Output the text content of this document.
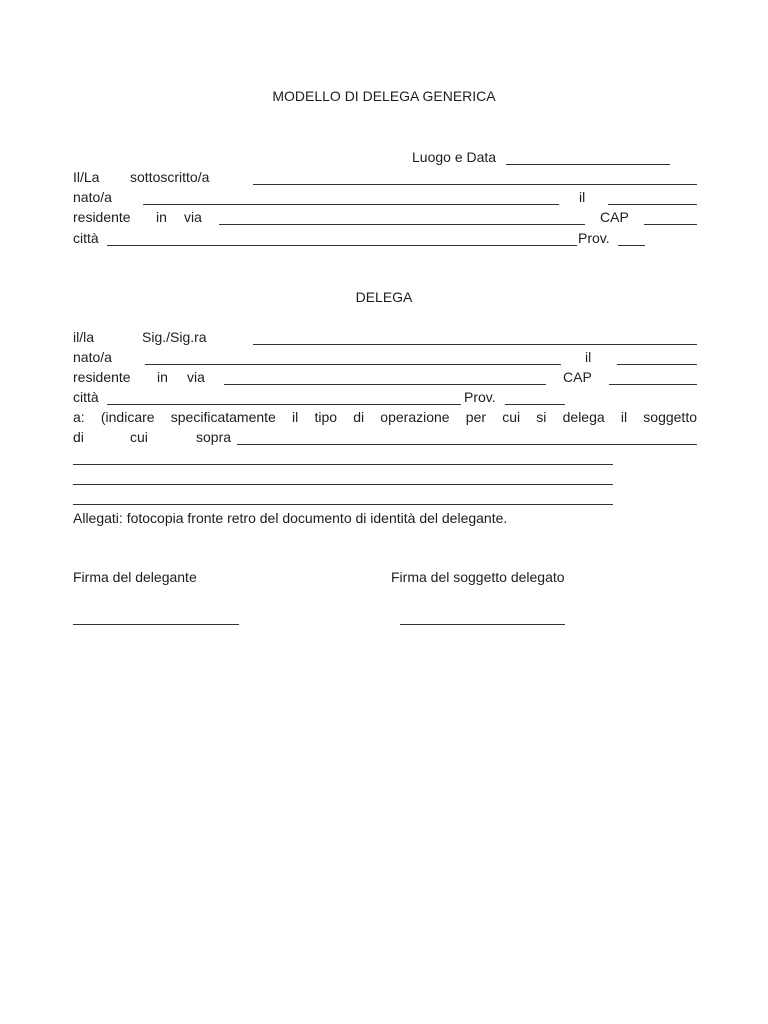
MODELLO DI DELEGA GENERICA
Luogo e Data
Il/La sottoscritto/a
nato/a	il
residente in via	CAP
città	Prov.
DELEGA
il/la	Sig./Sig.ra
nato/a	il
residente in via	CAP
città	Prov.
a: (indicare specificatamente il tipo di operazione per cui si delega il soggetto
di	cui	sopra
Allegati: fotocopia fronte retro del documento di identità del delegante.
Firma del delegante	Firma del soggetto delegato
